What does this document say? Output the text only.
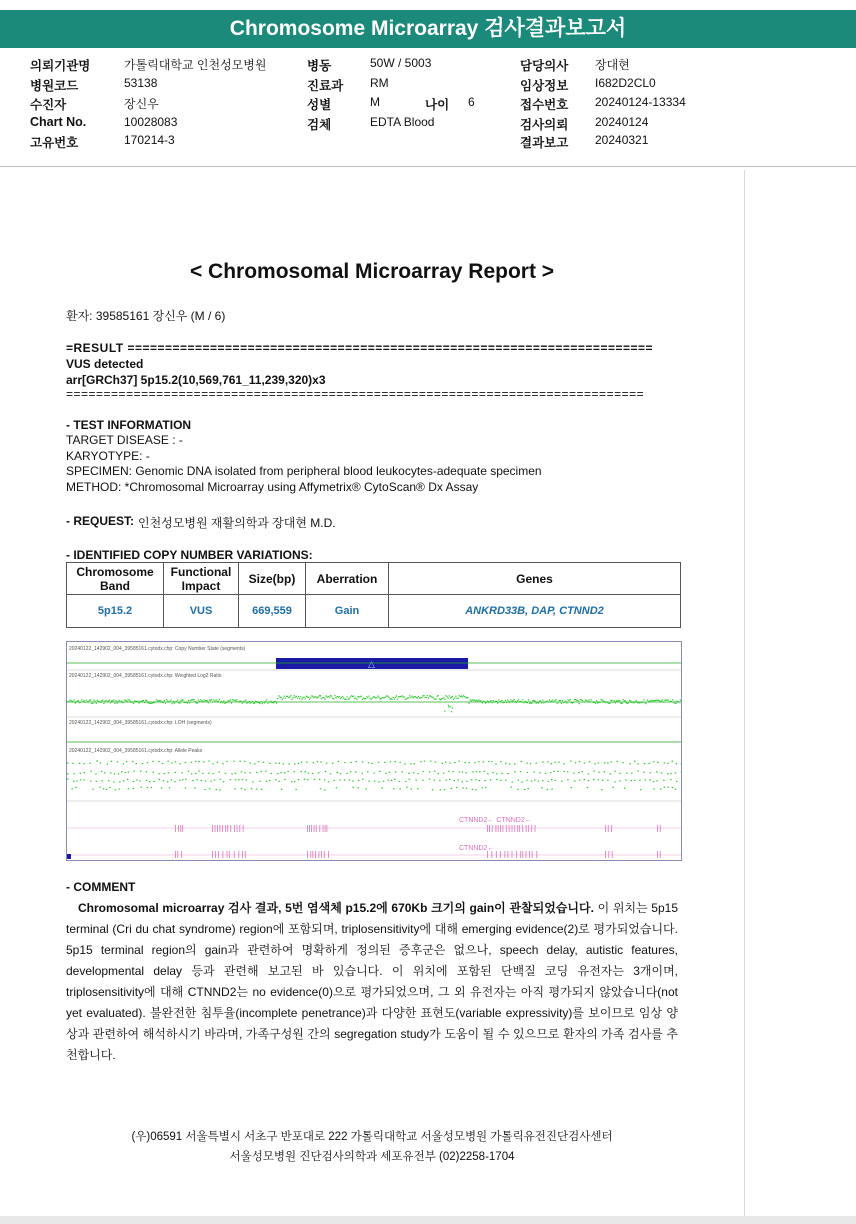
Chromosome Microarray 검사결과보고서
의뢰기관명	가톨릭대학교 인천성모병원
병원코드	53138
수진자	장신우
Chart No.	10028083
고유번호	170214-3
병동	50W / 5003
진료과 RM
성별	M	나이 6
검체	EDTA Blood
담당의사 장대현
임상정보 I682D2CL0
접수번호 20240124-13334
검사의뢰 20240124
결과보고 20240321
< Chromosomal Microarray Report >
환자: 39585161 장신우 (M / 6)
=RESULT ======================================================================
VUS detected
arr[GRCh37] 5p15.2(10,569,761_11,239,320)x3
=============================================================================
- TEST INFORMATION
TARGET DISEASE : -
KARYOTYPE: -
SPECIMEN: Genomic DNA isolated from peripheral blood leukocytes-adequate specimen
METHOD: *Chromosomal Microarray using Affymetrix® CytoScan® Dx Assay
- REQUEST: 인천성모병원 재활의학과 장대현 M.D.
- IDENTIFIED COPY NUMBER VARIATIONS:
Chromosome Band	Functional Impact	Size(bp)	Aberration	Genes
5p15.2	VUS	669,559	Gain	ANKRD33B, DAP, CTNND2
20240122_142902_004_39585161.cytodx.chp: Copy Number State (segments)
△
20240122_142902_004_39585161.cytodx.chp: Weighted Log2 Ratio
20240122_142902_004_39585161.cytodx.chp: LOH (segments)
20240122_142902_004_39585161.cytodx.chp: Allele Peaks
CTNND2← CTNND2←
CTNND2←
- COMMENT

Chromosomal microarray 검사 결과, 5번 염색체 p15.2에 670Kb 크기의 gain이 관찰되었습니다. 이 위치는 5p15 terminal (Cri du chat syndrome) region에 포함되며, triplosensitivity에 대해 emerging evidence(2)로 평가되었습니다. 5p15 terminal region의 gain과 관련하여 명확하게 정의된 증후군은 없으나, speech delay, autistic features, developmental delay 등과 관련해 보고된 바 있습니다. 이 위치에 포함된 단백질 코딩 유전자는 3개이며, triplosensitivity에 대해 CTNND2는 no evidence(0)으로 평가되었으며, 그 외 유전자는 아직 평가되지 않았습니다(not yet evaluated). 불완전한 침투율(incomplete penetrance)과 다양한 표현도(variable expressivity)를 보이므로 임상 양상과 관련하여 해석하시기 바라며, 가족구성원 간의 segregation study가 도움이 될 수 있으므로 환자의 가족 검사를 추천합니다.

(우)06591 서울특별시 서초구 반포대로 222 가톨릭대학교 서울성모병원 가톨릭유전진단검사센터
서울성모병원 진단검사의학과 세포유전부 (02)2258-1704
